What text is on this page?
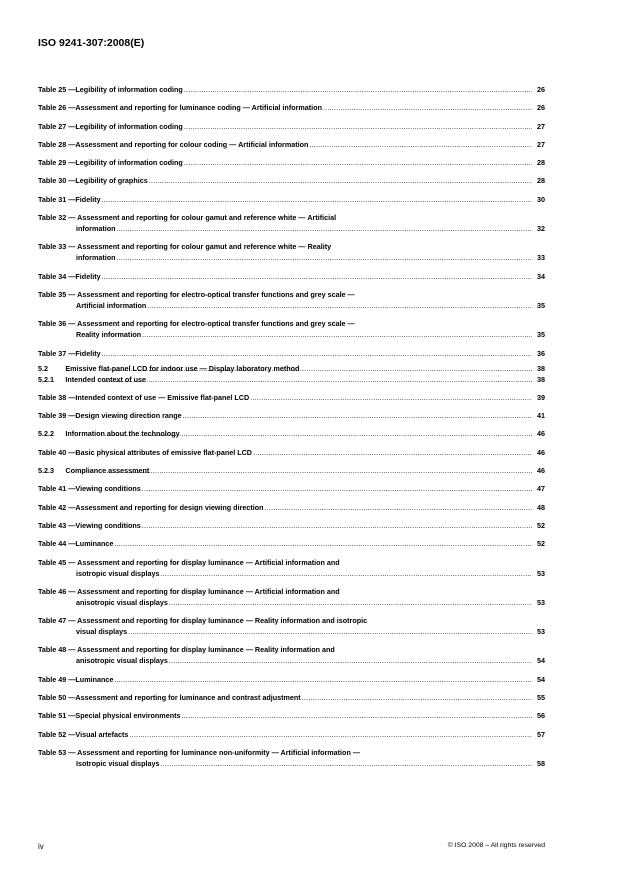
ISO 9241-307:2008(E)
Table 25 — Legibility of information coding .....	26
Table 26 — Assessment and reporting for luminance coding — Artificial information .....	26
Table 27 — Legibility of information coding .....	27
Table 28 — Assessment and reporting for colour coding — Artificial information .....	27
Table 29 — Legibility of information coding .....	28
Table 30 — Legibility of graphics .....	28
Table 31 — Fidelity .....	30
Table 32 — Assessment and reporting for colour gamut and reference white — Artificial
information .....	32
Table 33 — Assessment and reporting for colour gamut and reference white — Reality
information .....	33
Table 34 — Fidelity .....	34
Table 35 — Assessment and reporting for electro-optical transfer functions and grey scale —
Artificial information .....	35
Table 36 — Assessment and reporting for electro-optical transfer functions and grey scale —
Reality information .....	35
Table 37 — Fidelity .....	36
5.2	Emissive flat-panel LCD for indoor use — Display laboratory method .....	38
5.2.1	Intended context of use .....	38
Table 38 — Intended context of use — Emissive flat-panel LCD .....	39
Table 39 — Design viewing direction range .....	41
5.2.2	Information about the technology .....	46
Table 40 — Basic physical attributes of emissive flat-panel LCD .....	46
5.2.3	Compliance assessment .....	46
Table 41 — Viewing conditions .....	47
Table 42 — Assessment and reporting for design viewing direction .....	48
Table 43 — Viewing conditions .....	52
Table 44 — Luminance .....	52
Table 45 — Assessment and reporting for display luminance — Artificial information and
isotropic visual displays .....	53
Table 46 — Assessment and reporting for display luminance — Artificial information and
anisotropic visual displays .....	53
Table 47 — Assessment and reporting for display luminance — Reality information and isotropic
visual displays .....	53
Table 48 — Assessment and reporting for display luminance — Reality information and
anisotropic visual displays .....	54
Table 49 — Luminance .....	54
Table 50 — Assessment and reporting for luminance and contrast adjustment .....	55
Table 51 — Special physical environments .....	56
Table 52 — Visual artefacts .....	57
Table 53 — Assessment and reporting for luminance non-uniformity — Artificial information —
Isotropic visual displays .....	58
iv	© ISO 2008 – All rights reserved
